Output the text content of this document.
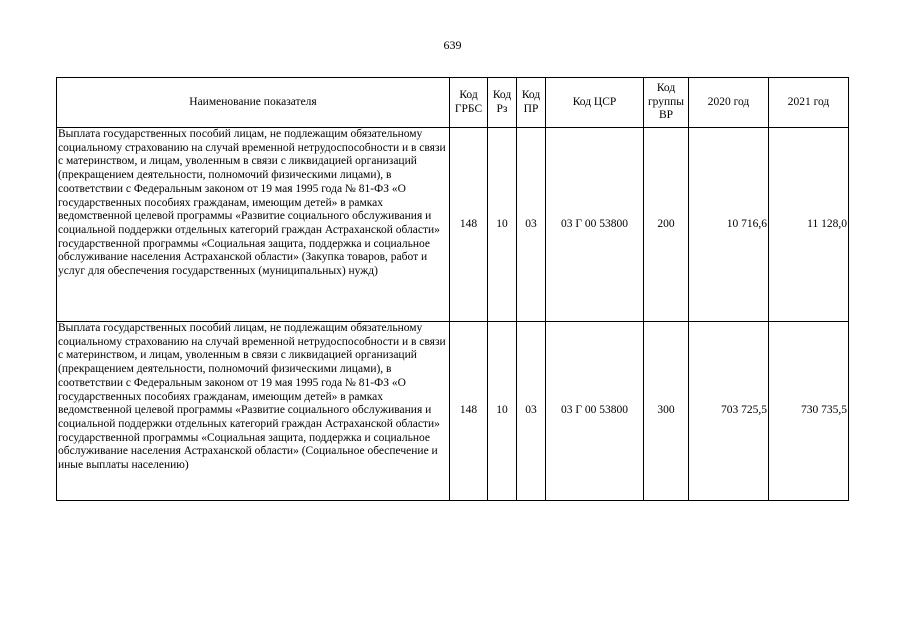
639
Наименование показателя	Код ГРБС	Код Рз	Код ПР	Код ЦСР	Код группы ВР	2020 год	2021 год
Выплата государственных пособий лицам, не подлежащим обязательному социальному страхованию на случай временной нетрудоспособности и в связи с материнством, и лицам, уволенным в связи с ликвидацией организаций (прекращением деятельности, полномочий физическими лицами), в соответствии с Федеральным законом от 19 мая 1995 года № 81-ФЗ «О государственных пособиях гражданам, имеющим детей» в рамках ведомственной целевой программы «Развитие социального обслуживания и социальной поддержки отдельных категорий граждан Астраханской области» государственной программы «Социальная защита, поддержка и социальное обслуживание населения Астраханской области» (Закупка товаров, работ и услуг для обеспечения государственных (муниципальных) нужд)	148	10	03	03 Г 00 53800	200	10 716,6	11 128,0
Выплата государственных пособий лицам, не подлежащим обязательному социальному страхованию на случай временной нетрудоспособности и в связи с материнством, и лицам, уволенным в связи с ликвидацией организаций (прекращением деятельности, полномочий физическими лицами), в соответствии с Федеральным законом от 19 мая 1995 года № 81-ФЗ «О государственных пособиях гражданам, имеющим детей» в рамках ведомственной целевой программы «Развитие социального обслуживания и социальной поддержки отдельных категорий граждан Астраханской области» государственной программы «Социальная защита, поддержка и социальное обслуживание населения Астраханской области» (Социальное обеспечение и иные выплаты населению)	148	10	03	03 Г 00 53800	300	703 725,5	730 735,5
